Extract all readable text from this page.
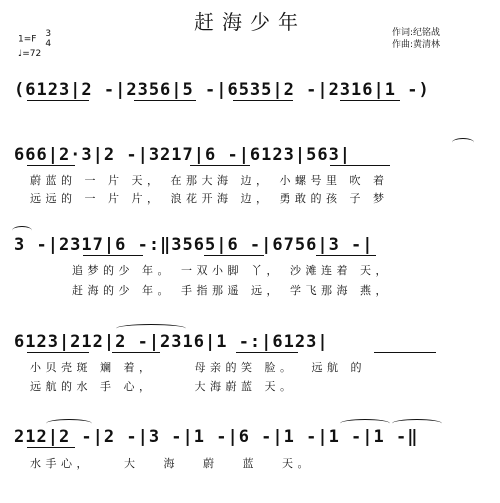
赶海少年
1=F
3
4
♩=72
作词:纪铭战
作曲:黄清林
(6123|2 -|2356|5 -|6535|2 -|2316|1 -)
666|2·3|2 -|3217|6 -|6123|563|
蔚蓝的 一 片 天， 在那大海 边， 小螺号里 吹 着
远远的 一 片 片， 浪花开海 边， 勇敢的孩 子 梦
3 -|2317|6 -:‖3565|6 -|6756|3 -|
追梦的少 年。 一双小脚 丫， 沙滩连着 天，
赶海的少 年。 手指那遥 远， 学飞那海 燕，
6123|212|2 -|2316|1 -:|6123|
小贝壳斑 斓 着，     母亲的笑 脸。  远航 的
远航的水 手 心，     大海蔚蓝 天。
212|2 -|2 -|3 -|1 -|6 -|1 -|1 -|1 -‖
水手心，    大   海   蔚   蓝   天。
